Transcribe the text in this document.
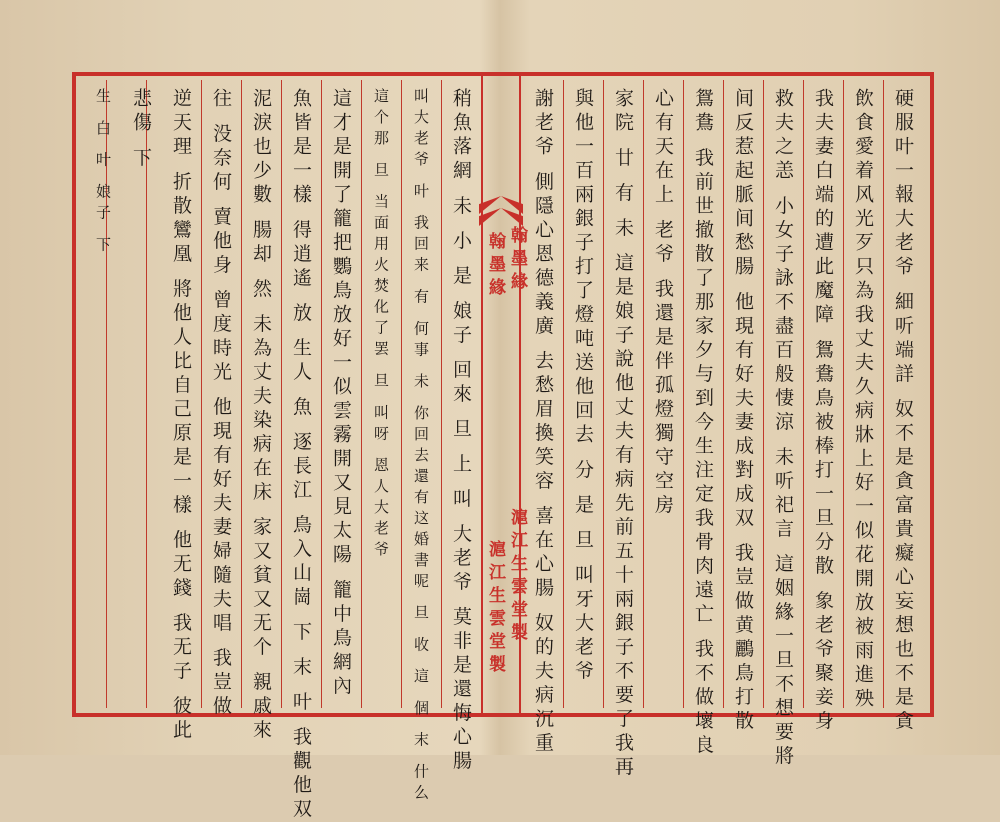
翰墨緣 翰墨緣
滬江生雲堂製 滬江生雲堂製	硬服叶一報大老爷 細听端詳 奴不是貪富貴癡心妄想也不是貪
飲食愛着风光歹只為我丈夫久病牀上好一似花開放被雨進殃
我夫妻白端的遭此魔障 鴛鴦鳥被棒打一旦分散 象老爷聚妾身
救夫之恙 小女子詠不盡百般悽涼 未听祀言 這姻緣一旦不想要將
间反惹起脈间愁腸 他現有好夫妻成對成双 我豈做黄鸝鳥打散
鴛鴦 我前世撤散了那家夕与到今生注定我骨肉遠亡 我不做壞良
心有天在上 老爷 我還是伴孤燈獨守空房
家院 廿 有 未 這是娘子說他丈夫有病先前五十兩銀子不要了我再
與他一百兩銀子打了燈吨送他回去 分 是 旦 叫牙大老爷
謝老爷 側隱心恩德義廣 去愁眉換笑容 喜在心腸 奴的夫病沉重
稍魚落網 未 小 是 娘子 回來 旦 上 叫 大老爷 莫非是還悔心腸
叫大老爷 叶 我回来 有 何事 未 你回去還有这婚書呢 旦 收 這 個 末 什么
這个那 旦 当面用火焚化了罢 旦 叫呀 恩人大老爷
這才是開了籠把鸚鳥放好一似雲霧開又見太陽 籠中鳥網內
魚皆是一樣 得逍遙 放 生人 魚 逐長江 鳥入山崗 下 末 叶 我觀他双
泥淚也少數 腸却 然 未為丈夫染病在床 家又貧又无个 親戚來
往 没奈何 賣他身 曾度時光 他現有好夫妻婦隨夫唱 我豈做
逆天理 折散鸞凰 將他人比自己原是一樣 他无錢 我无子 彼此
悲傷 下
生 白 叶 娘子 下
